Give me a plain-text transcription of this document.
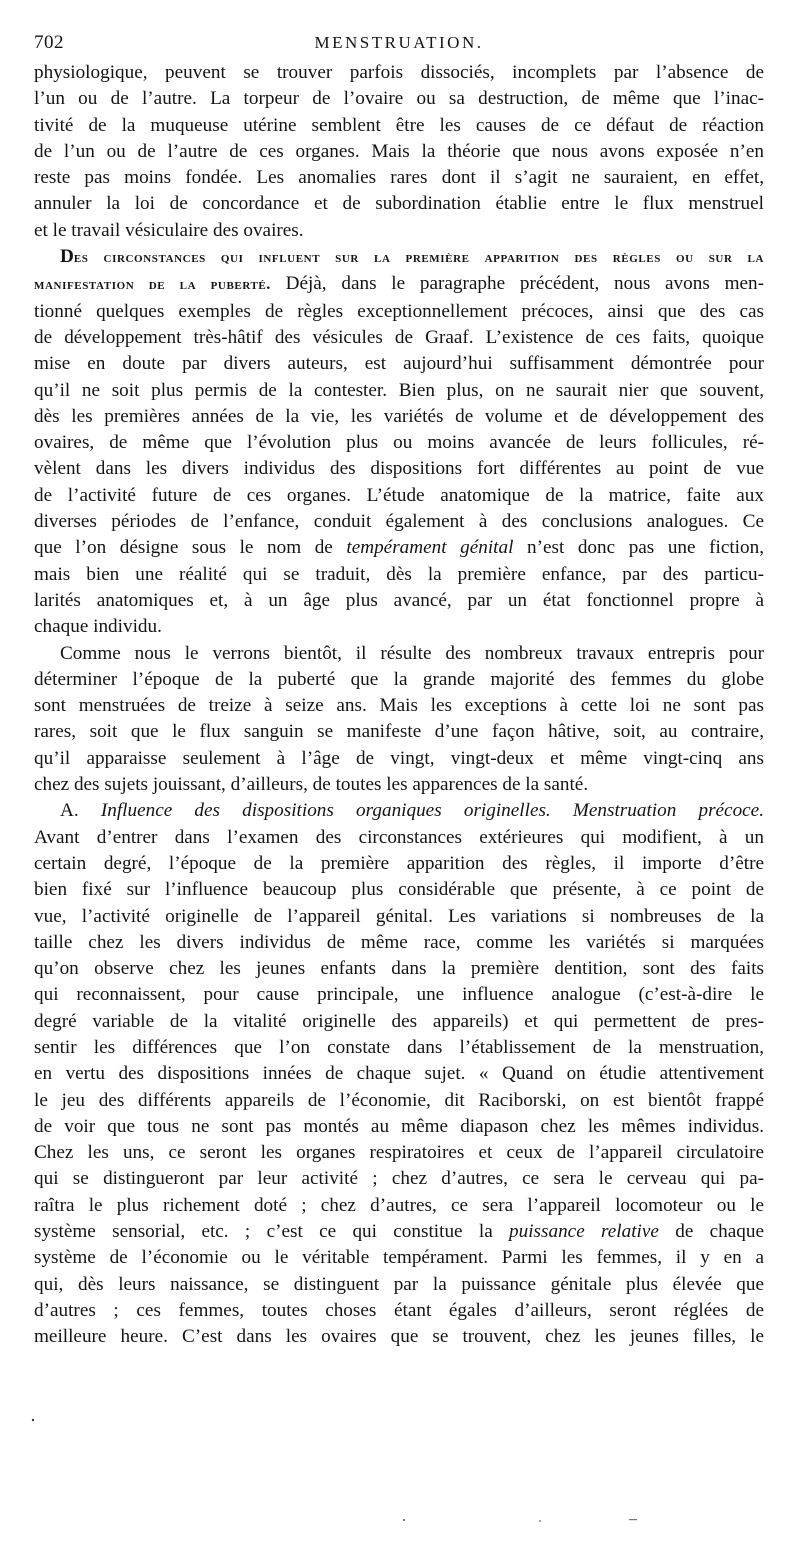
702	MENSTRUATION.
physiologique, peuvent se trouver parfois dissociés, incomplets par l’absence de
l’un ou de l’autre. La torpeur de l’ovaire ou sa destruction, de même que l’inac-
tivité de la muqueuse utérine semblent être les causes de ce défaut de réaction
de l’un ou de l’autre de ces organes. Mais la théorie que nous avons exposée n’en
reste pas moins fondée. Les anomalies rares dont il s’agit ne sauraient, en effet,
annuler la loi de concordance et de subordination établie entre le flux menstruel
et le travail vésiculaire des ovaires.
Des circonstances qui influent sur la première apparition des règles ou sur la
manifestation de la puberté. Déjà, dans le paragraphe précédent, nous avons men-
tionné quelques exemples de règles exceptionnellement précoces, ainsi que des cas
de développement très-hâtif des vésicules de Graaf. L’existence de ces faits, quoique
mise en doute par divers auteurs, est aujourd’hui suffisamment démontrée pour
qu’il ne soit plus permis de la contester. Bien plus, on ne saurait nier que souvent,
dès les premières années de la vie, les variétés de volume et de développement des
ovaires, de même que l’évolution plus ou moins avancée de leurs follicules, ré-
vèlent dans les divers individus des dispositions fort différentes au point de vue
de l’activité future de ces organes. L’étude anatomique de la matrice, faite aux
diverses périodes de l’enfance, conduit également à des conclusions analogues. Ce
que l’on désigne sous le nom de tempérament génital n’est donc pas une fiction,
mais bien une réalité qui se traduit, dès la première enfance, par des particu-
larités anatomiques et, à un âge plus avancé, par un état fonctionnel propre à
chaque individu.
Comme nous le verrons bientôt, il résulte des nombreux travaux entrepris pour
déterminer l’époque de la puberté que la grande majorité des femmes du globe
sont menstruées de treize à seize ans. Mais les exceptions à cette loi ne sont pas
rares, soit que le flux sanguin se manifeste d’une façon hâtive, soit, au contraire,
qu’il apparaisse seulement à l’âge de vingt, vingt-deux et même vingt-cinq ans
chez des sujets jouissant, d’ailleurs, de toutes les apparences de la santé.
A. Influence des dispositions organiques originelles. Menstruation précoce.
Avant d’entrer dans l’examen des circonstances extérieures qui modifient, à un
certain degré, l’époque de la première apparition des règles, il importe d’être
bien fixé sur l’influence beaucoup plus considérable que présente, à ce point de
vue, l’activité originelle de l’appareil génital. Les variations si nombreuses de la
taille chez les divers individus de même race, comme les variétés si marquées
qu’on observe chez les jeunes enfants dans la première dentition, sont des faits
qui reconnaissent, pour cause principale, une influence analogue (c’est-à-dire le
degré variable de la vitalité originelle des appareils) et qui permettent de pres-
sentir les différences que l’on constate dans l’établissement de la menstruation,
en vertu des dispositions innées de chaque sujet. « Quand on étudie attentivement
le jeu des différents appareils de l’économie, dit Raciborski, on est bientôt frappé
de voir que tous ne sont pas montés au même diapason chez les mêmes individus.
Chez les uns, ce seront les organes respiratoires et ceux de l’appareil circulatoire
qui se distingueront par leur activité ; chez d’autres, ce sera le cerveau qui pa-
raîtra le plus richement doté ; chez d’autres, ce sera l’appareil locomoteur ou le
système sensorial, etc. ; c’est ce qui constitue la puissance relative de chaque
système de l’économie ou le véritable tempérament. Parmi les femmes, il y en a
qui, dès leurs naissance, se distinguent par la puissance génitale plus élevée que
d’autres ; ces femmes, toutes choses étant égales d’ailleurs, seront réglées de
meilleure heure. C’est dans les ovaires que se trouvent, chez les jeunes filles, le
